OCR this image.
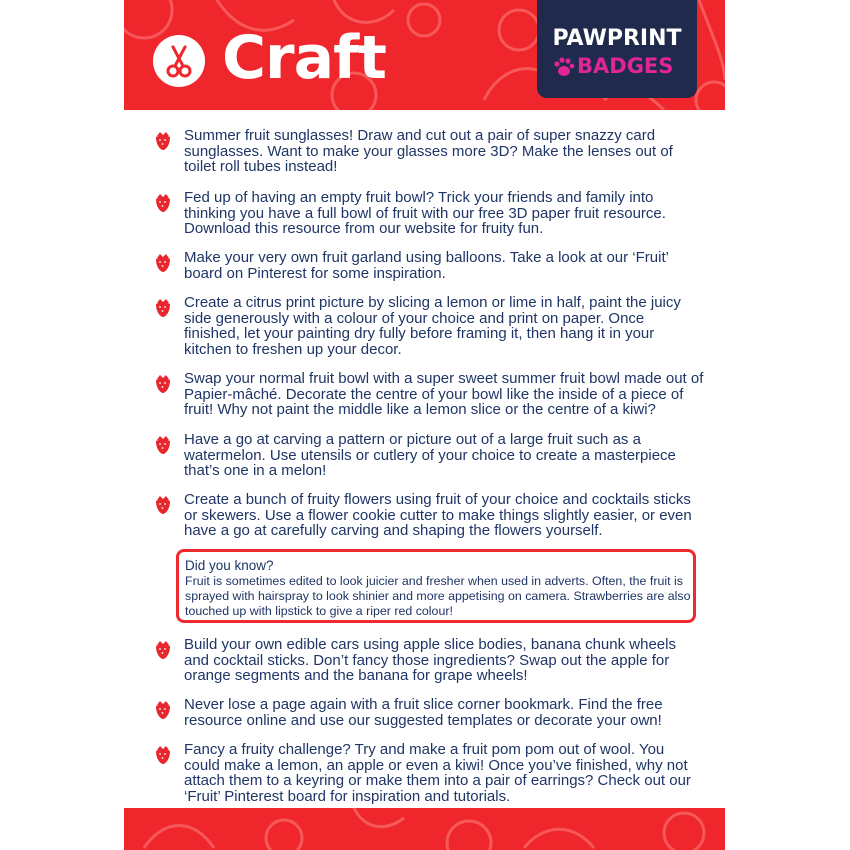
Craft	PAWPRINT
BADGES
Summer fruit sunglasses! Draw and cut out a pair of super snazzy card sunglasses. Want to make your glasses more 3D? Make the lenses out of toilet roll tubes instead!
Fed up of having an empty fruit bowl? Trick your friends and family into thinking you have a full bowl of fruit with our free 3D paper fruit resource. Download this resource from our website for fruity fun.
Make your very own fruit garland using balloons. Take a look at our ‘Fruit’ board on Pinterest for some inspiration.
Create a citrus print picture by slicing a lemon or lime in half, paint the juicy side generously with a colour of your choice and print on paper. Once finished, let your painting dry fully before framing it, then hang it in your kitchen to freshen up your decor.
Swap your normal fruit bowl with a super sweet summer fruit bowl made out of Papier-mâché. Decorate the centre of your bowl like the inside of a piece of fruit! Why not paint the middle like a lemon slice or the centre of a kiwi?
Have a go at carving a pattern or picture out of a large fruit such as a watermelon. Use utensils or cutlery of your choice to create a masterpiece that’s one in a melon!
Create a bunch of fruity flowers using fruit of your choice and cocktails sticks or skewers. Use a flower cookie cutter to make things slightly easier, or even have a go at carefully carving and shaping the flowers yourself.
Did you know?
Fruit is sometimes edited to look juicier and fresher when used in adverts. Often, the fruit is sprayed with hairspray to look shinier and more appetising on camera. Strawberries are also touched up with lipstick to give a riper red colour!
Build your own edible cars using apple slice bodies, banana chunk wheels and cocktail sticks. Don’t fancy those ingredients? Swap out the apple for orange segments and the banana for grape wheels!
Never lose a page again with a fruit slice corner bookmark. Find the free resource online and use our suggested templates or decorate your own!
Fancy a fruity challenge? Try and make a fruit pom pom out of wool. You could make a lemon, an apple or even a kiwi! Once you’ve finished, why not attach them to a keyring or make them into a pair of earrings? Check out our ‘Fruit’ Pinterest board for inspiration and tutorials.
